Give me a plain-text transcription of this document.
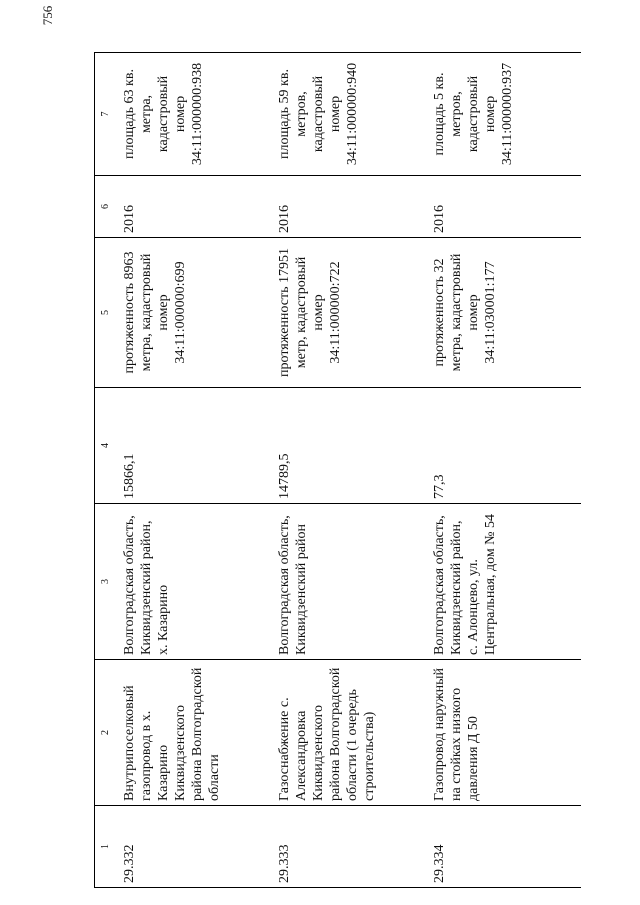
756
1	2	3	4	5	6	7
29.332	Внутрипоселковый газопровод в х. Казарино Киквидзенского района Волгоградской области	Волгоградская область, Киквидзенский район, х. Казарино	15866,1	протяженность 8963 метра, кадастровый номер 34:11:000000:699	2016	площадь 63 кв. метра, кадастровый номер 34:11:000000:938
29.333	Газоснабжение с. Александровка Киквидзенского района Волгоградской области (1 очередь строительства)	Волгоградская область, Киквидзенский район	14789,5	протяженность 17951 метр, кадастровый номер 34:11:000000:722	2016	площадь 59 кв. метров, кадастровый номер 34:11:000000:940
29.334	Газопровод наружный на стойках низкого давления Д 50	Волгоградская область, Киквидзенский район, с. Алонцево, ул. Центральная, дом № 54	77,3	протяженность 32 метра, кадастровый номер 34:11:030001:177	2016	площадь 5 кв. метров, кадастровый номер 34:11:000000:937
